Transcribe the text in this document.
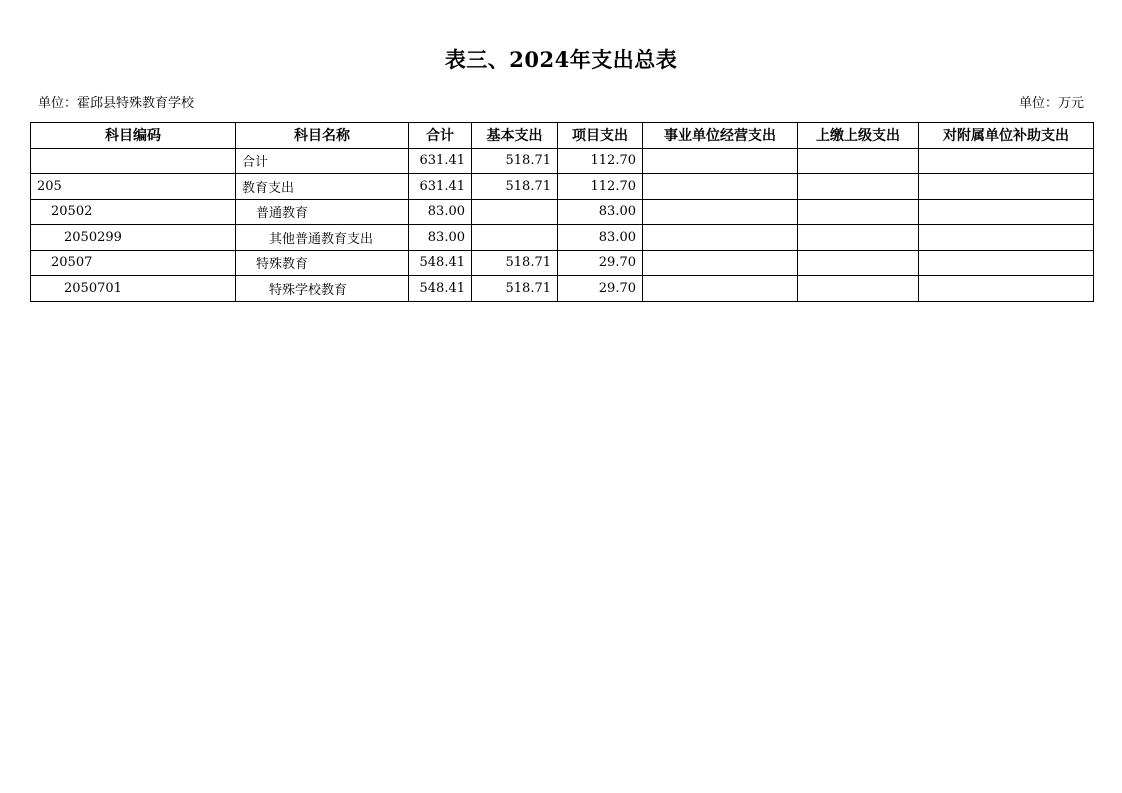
表三、2024年支出总表
单位：霍邱县特殊教育学校	单位：万元
科目编码	科目名称	合计	基本支出	项目支出	事业单位经营支出	上缴上级支出	对附属单位补助支出
	合计	631.41	518.71	112.70			
205	教育支出	631.41	518.71	112.70			
20502	普通教育	83.00		83.00			
2050299	其他普通教育支出	83.00		83.00			
20507	特殊教育	548.41	518.71	29.70			
2050701	特殊学校教育	548.41	518.71	29.70			
